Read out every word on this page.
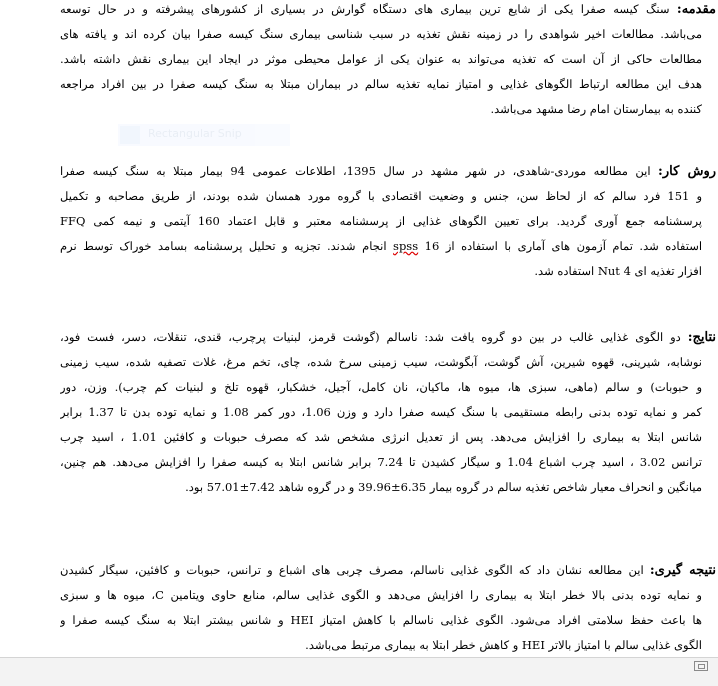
مقدمه: سنگ کیسه صفرا یکی از شایع ترین بیماری های دستگاه گوارش در بسیاری از کشورهای پیشرفته و در حال توسعه
می‌باشد. مطالعات اخیر شواهدی را در زمینه نقش تغذیه در سبب شناسی بیماری سنگ کیسه صفرا بیان کرده اند و یافته های
مطالعات حاکی از آن است که تغذیه می‌تواند به عنوان یکی از عوامل محیطی موثر در ایجاد این بیماری نقش داشته باشد.
هدف این مطالعه ارتباط الگوهای غذایی و امتیاز نمایه تغذیه سالم در بیماران مبتلا به سنگ کیسه صفرا در بین افراد مراجعه
کننده به بیمارستان امام رضا مشهد می‌باشد.
روش کار: این مطالعه موردی-شاهدی، در شهر مشهد در سال 1395، اطلاعات عمومی 94 بیمار مبتلا به سنگ کیسه صفرا
و 151 فرد سالم که از لحاظ سن، جنس و وضعیت اقتصادی با گروه مورد همسان شده بودند، از طریق مصاحبه و تکمیل
پرسشنامه جمع آوری گردید. برای تعیین الگوهای غذایی از پرسشنامه معتبر و قابل اعتماد 160 آیتمی و نیمه کمی FFQ
استفاده شد. تمام آزمون های آماری با استفاده از 16 spss انجام شدند. تجزیه و تحلیل پرسشنامه بسامد خوراک توسط نرم
افزار تغذیه ای Nut 4 استفاده شد.
نتایج: دو الگوی غذایی غالب در بین دو گروه یافت شد: ناسالم (گوشت قرمز، لبنیات پرچرب، قندی، تنقلات، دسر، فست فود،
نوشابه، شیرینی، قهوه شیرین، آش گوشت، آبگوشت، سیب زمینی سرخ شده، چای، تخم مرغ، غلات تصفیه شده، سیب زمینی
و حبوبات) و سالم (ماهی، سبزی ها، میوه ها، ماکیان، نان کامل، آجیل، خشکبار، قهوه تلخ و لبنیات کم چرب). وزن، دور
کمر و نمایه توده بدنی رابطه مستقیمی با سنگ کیسه صفرا دارد و وزن 1.06، دور کمر 1.08 و نمایه توده بدن تا 1.37 برابر
شانس ابتلا به بیماری را افزایش می‌دهد. پس از تعدیل انرژی مشخص شد که مصرف حبوبات و کافئین 1.01 ، اسید چرب
ترانس 3.02 ، اسید چرب اشباع 1.04 و سیگار کشیدن تا 7.24 برابر شانس ابتلا به کیسه صفرا را افزایش می‌دهد. هم چنین،
میانگین و انحراف معیار شاخص تغذیه سالم در گروه بیمار 6.35±39.96 و در گروه شاهد 7.42±57.01 بود.
نتیجه گیری: این مطالعه نشان داد که الگوی غذایی ناسالم، مصرف چربی های اشباع و ترانس، حبوبات و کافئین، سیگار کشیدن
و نمایه توده بدنی بالا خطر ابتلا به بیماری را افزایش می‌دهد و الگوی غذایی سالم، منابع حاوی ویتامین C، میوه ها و سبزی
ها باعث حفظ سلامتی افراد می‌شود. الگوی غذایی ناسالم با کاهش امتیاز HEI و شانس بیشتر ابتلا به سنگ کیسه صفرا و
الگوی غذایی سالم با امتیاز بالاتر HEI و کاهش خطر ابتلا به بیماری مرتبط می‌باشد.
Rectangular Snip
